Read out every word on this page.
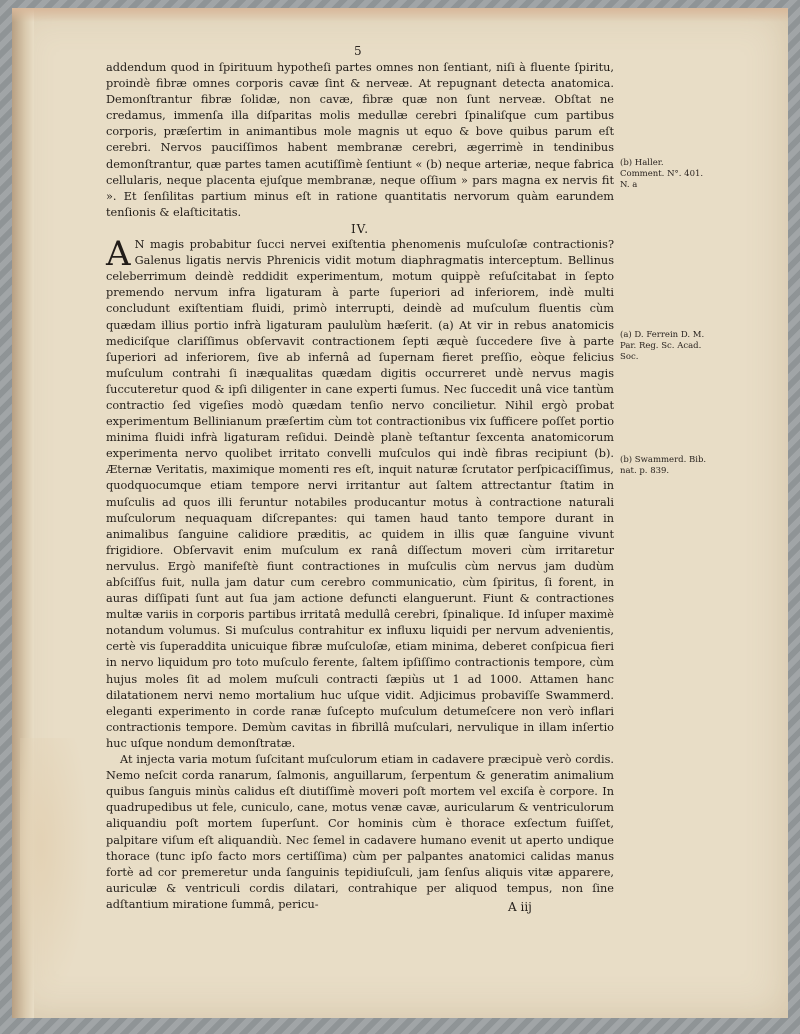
5

addendum quod in ſpirituum hypotheſi partes omnes non ſentiant, niſi à fluente ſpiritu, proindè fibræ omnes corporis cavæ ſint & nerveæ. At repugnant detecta anatomica. Demonſtrantur fibræ ſolidæ, non cavæ, fibræ quæ non ſunt nerveæ. Obſtat ne credamus, immenſa illa diſparitas molis medullæ cerebri ſpinaliſque cum partibus corporis, præſertim in animantibus mole magnis ut equo & bove quibus parum eſt cerebri. Nervos pauciſſimos habent membranæ cerebri, ægerrimè in tendinibus demonſtrantur, quæ partes tamen acutiſſimè ſentiunt « (b) neque arteriæ, neque fabrica cellularis, neque placenta ejuſque membranæ, neque oſſium » pars magna ex nervis fit ». Et ſenſilitas partium minus eſt in ratione quantitatis nervorum quàm earundem tenſionis & elaſticitatis.

IV.

A N magis probabitur ſucci nervei exiſtentia phenomenis muſculoſæ contractionis? Galenus ligatis nervis Phrenicis vidit motum diaphragmatis interceptum. Bellinus celeberrimum deindè reddidit experimentum, motum quippè reſuſcitabat in ſepto premendo nervum infra ligaturam à parte ſuperiori ad inferiorem, indè multi concludunt exiſtentiam fluidi, primò interrupti, deindè ad muſculum fluentis cùm quædam illius portio infrà ligaturam paululùm hæſerit. (a) At vir in rebus anatomicis mediciſque clariſſimus obſervavit contractionem ſepti æquè ſuccedere ſive à parte ſuperiori ad inferiorem, ſive ab infernâ ad ſupernam fieret preſſio, eòque felicius muſculum contrahi ſi inæqualitas quædam digitis occurreret undè nervus magis ſuccuteretur quod & ipſi diligenter in cane experti ſumus. Nec ſuccedit unâ vice tantùm contractio ſed vigeſies modò quædam tenſio nervo concilietur. Nihil ergò probat experimentum Bellinianum præſertim cùm tot contractionibus vix ſufficere poſſet portio minima fluidi infrà ligaturam reſidui. Deindè planè teſtantur ſexcenta anatomicorum experimenta nervo quolibet irritato convelli muſculos qui indè fibras recipiunt (b). Æternæ Veritatis, maximique momenti res eſt, inquit naturæ ſcrutator perſpicaciſſimus, quodquocumque etiam tempore nervi irritantur aut ſaltem attrectantur ſtatim in muſculis ad quos illi feruntur notabiles producantur motus à contractione naturali muſculorum nequaquam diſcrepantes: qui tamen haud tanto tempore durant in animalibus ſanguine calidiore præditis, ac quidem in illis quæ ſanguine vivunt frigidiore. Obſervavit enim muſculum ex ranâ diſſectum moveri cùm irritaretur nervulus. Ergò manifeſtè fiunt contractiones in muſculis cùm nervus jam dudùm abſciſſus fuit, nulla jam datur cum cerebro communicatio, cùm ſpiritus, ſi forent, in auras diſſipati ſunt aut ſua jam actione defuncti elanguerunt. Fiunt & contractiones multæ variis in corporis partibus irritatâ medullâ cerebri, ſpinalique. Id inſuper maximè notandum volumus. Si muſculus contrahitur ex influxu liquidi per nervum advenientis, certè vis ſuperaddita unicuique fibræ muſculoſæ, etiam minima, deberet conſpicua fieri in nervo liquidum pro toto muſculo ferente, ſaltem ipſiſſimo contractionis tempore, cùm hujus moles ſit ad molem muſculi contracti ſæpiùs ut 1 ad 1000. Attamen hanc dilatationem nervi nemo mortalium huc uſque vidit. Adjicimus probaviſſe Swammerd. eleganti experimento in corde ranæ ſuſcepto muſculum detumeſcere non verò inflari contractionis tempore. Demùm cavitas in fibrillâ muſculari, nervulique in illam inſertio huc uſque nondum demonſtratæ.

At injecta varia motum ſuſcitant muſculorum etiam in cadavere præcipuè verò cordis. Nemo neſcit corda ranarum, ſalmonis, anguillarum, ſerpentum & generatim animalium quibus ſanguis minùs calidus eſt diutiſſimè moveri poſt mortem vel exciſa è corpore. In quadrupedibus ut fele, cuniculo, cane, motus venæ cavæ, auricularum & ventriculorum aliquandiu poſt mortem ſuperſunt. Cor hominis cùm è thorace exſectum fuiſſet, palpitare viſum eſt aliquandiù. Nec ſemel in cadavere humano evenit ut aperto undique thorace (tunc ipſo facto mors certiſſima) cùm per palpantes anatomici calidas manus fortè ad cor premeretur unda ſanguinis tepidiuſculi, jam ſenſus aliquis vitæ apparere, auriculæ & ventriculi cordis dilatari, contrahique per aliquod tempus, non ſine adſtantium miratione ſummâ, pericu-

(b) Haller. Comment. N°. 401. N. a
(a) D. Ferrein D. M. Par. Reg. Sc. Acad. Soc.
(b) Swammerd. Bib. nat. p. 839.
A iij
